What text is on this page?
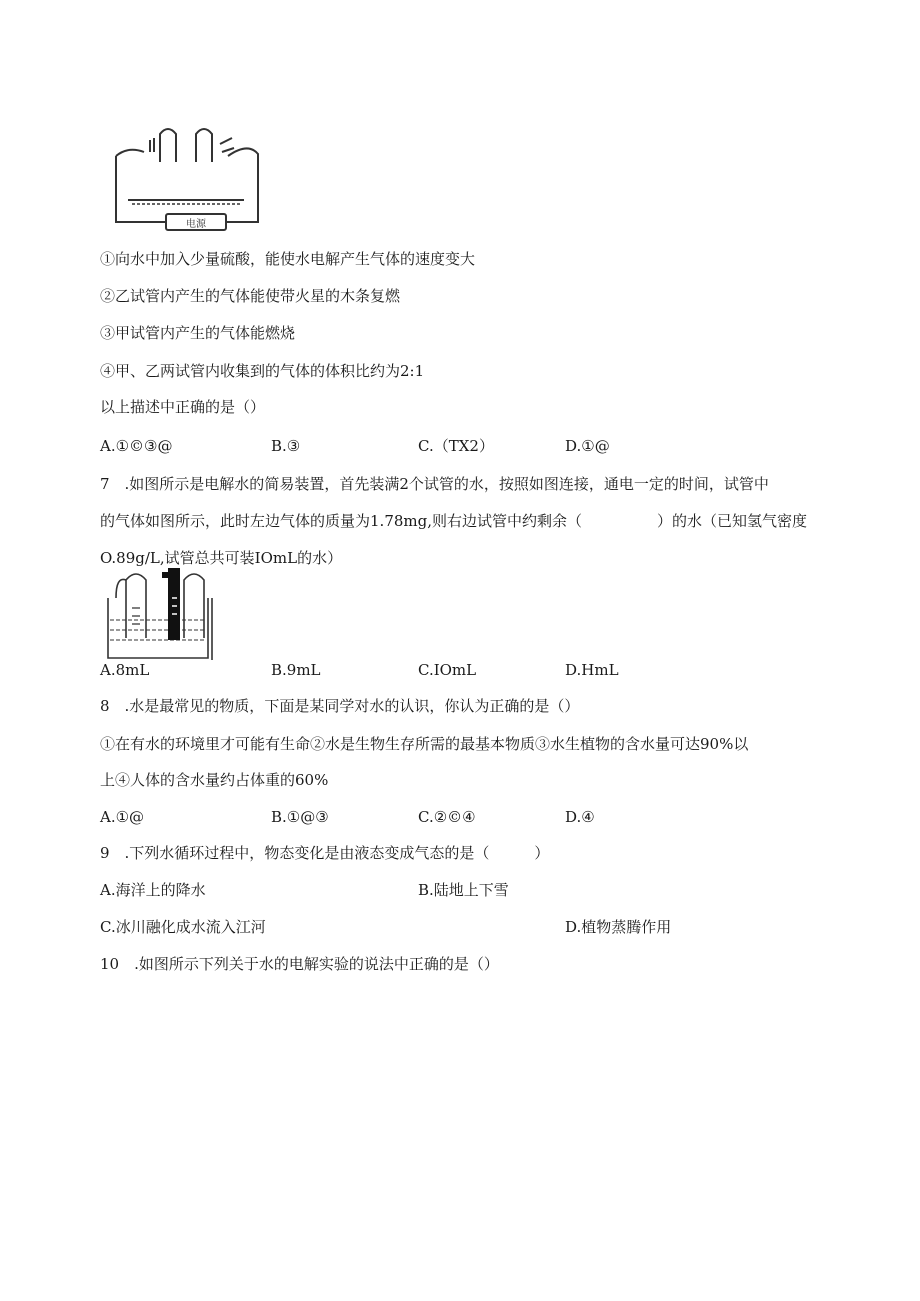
电源
①向水中加入少量硫酸，能使水电解产生气体的速度变大
②乙试管内产生的气体能使带火星的木条复燃
③甲试管内产生的气体能燃烧
④甲、乙两试管内收集到的气体的体积比约为2:1
以上描述中正确的是（）
A.①©③@	B.③	C.（TX2）	D.①@
7　.如图所示是电解水的简易装置，首先装满2个试管的水，按照如图连接，通电一定的时间，试管中
的气体如图所示，此时左边气体的质量为1.78mg,则右边试管中约剩余（　　　　　）的水（已知氢气密度
O.89g/L,试管总共可装IOmL的水）
A.8mL	B.9mL	C.IOmL	D.HmL
8　.水是最常见的物质，下面是某同学对水的认识，你认为正确的是（）
①在有水的环境里才可能有生命②水是生物生存所需的最基本物质③水生植物的含水量可达90%以
上④人体的含水量约占体重的60%
A.①@	B.①@③	C.②©④	D.④
9　.下列水循环过程中，物态变化是由液态变成气态的是（　　　）
A.海洋上的降水	B.陆地上下雪
C.冰川融化成水流入江河	D.植物蒸腾作用
10　.如图所示下列关于水的电解实验的说法中正确的是（）
